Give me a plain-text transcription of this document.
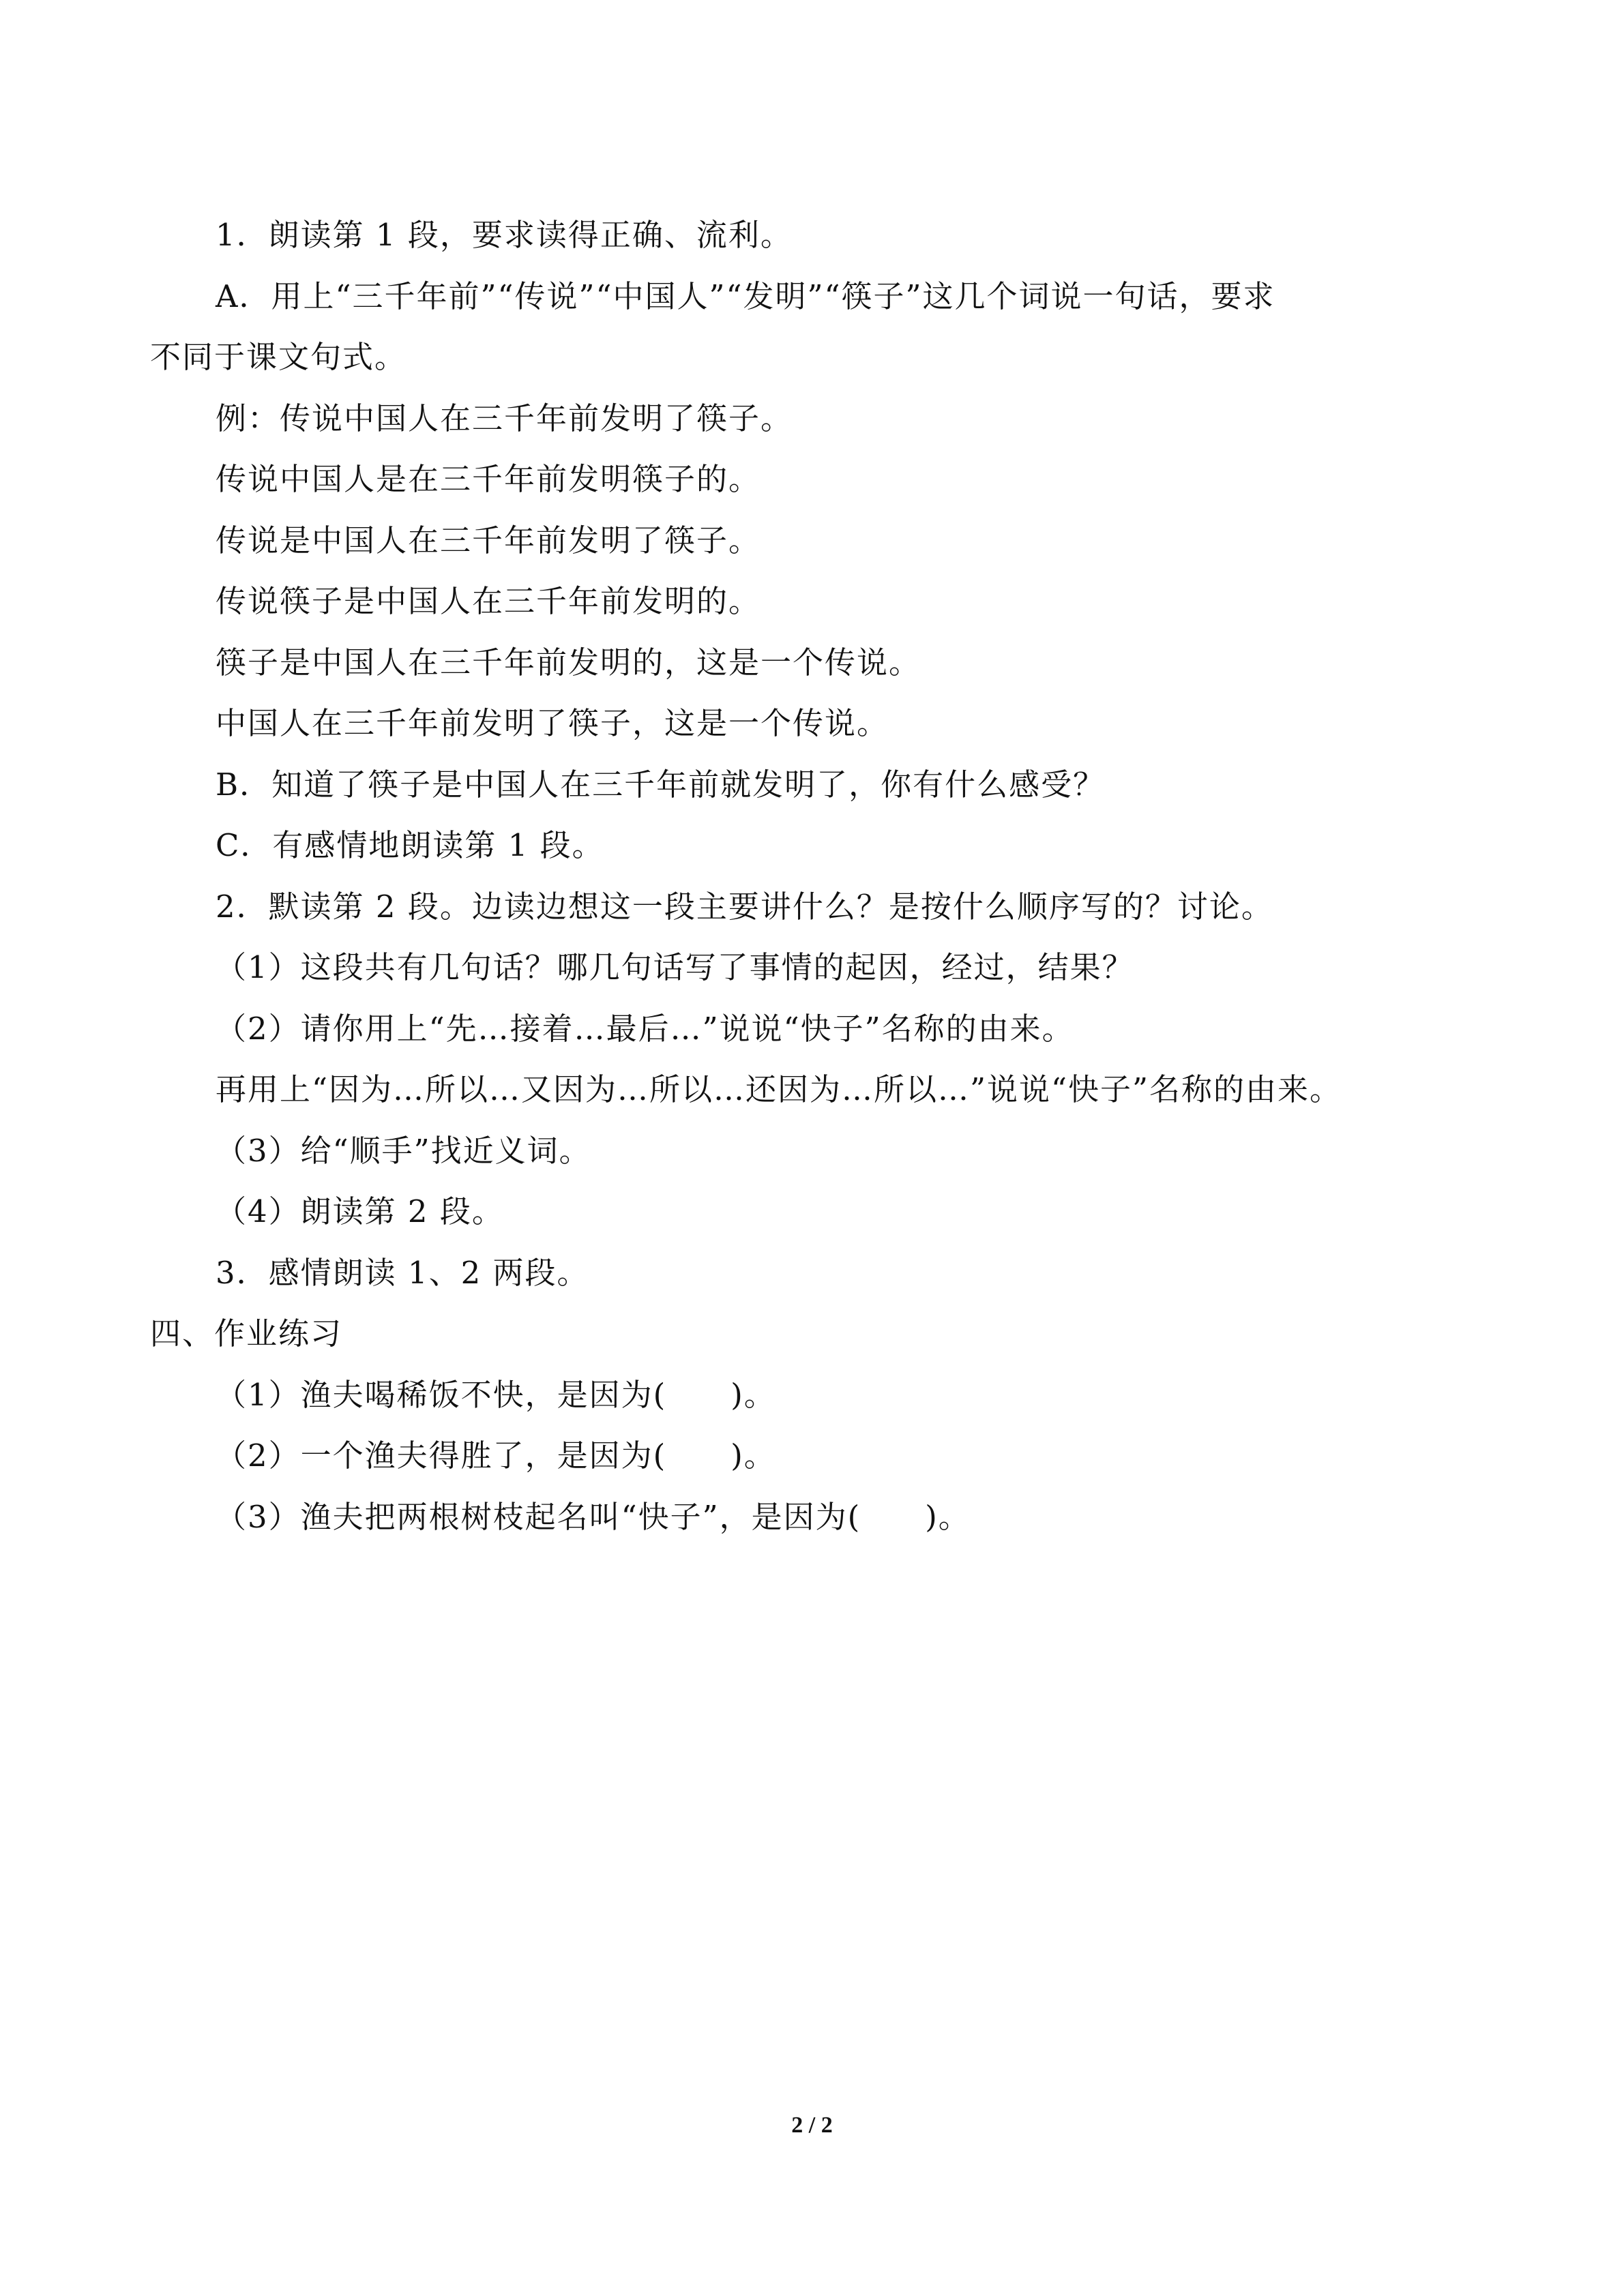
1．朗读第 1 段，要求读得正确、流利。
A．用上“三千年前”“传说”“中国人”“发明”“筷子”这几个词说一句话，要求
不同于课文句式。
例：传说中国人在三千年前发明了筷子。
传说中国人是在三千年前发明筷子的。
传说是中国人在三千年前发明了筷子。
传说筷子是中国人在三千年前发明的。
筷子是中国人在三千年前发明的，这是一个传说。
中国人在三千年前发明了筷子，这是一个传说。
B．知道了筷子是中国人在三千年前就发明了，你有什么感受？
C．有感情地朗读第 1 段。
2．默读第 2 段。边读边想这一段主要讲什么？是按什么顺序写的？讨论。
（1）这段共有几句话？哪几句话写了事情的起因，经过，结果？
（2）请你用上“先…接着…最后…”说说“快子”名称的由来。
再用上“因为…所以…又因为…所以…还因为…所以…”说说“快子”名称的由来。
（3）给“顺手”找近义词。
（4）朗读第 2 段。
3．感情朗读 1、2 两段。
四、作业练习
（1）渔夫喝稀饭不快，是因为(　　)。
（2）一个渔夫得胜了，是因为(　　)。
（3）渔夫把两根树枝起名叫“快子”，是因为(　　)。
2 / 2
